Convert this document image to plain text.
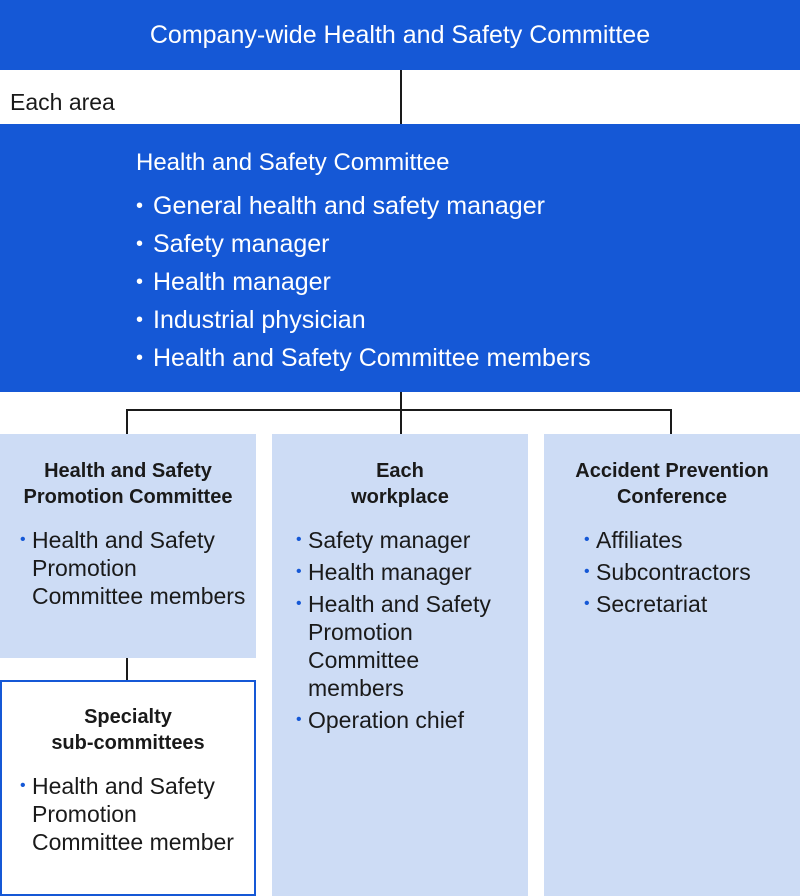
Company-wide Health and Safety Committee
Each area
Health and Safety Committee
• General health and safety manager
• Safety manager
• Health manager
• Industrial physician
• Health and Safety Committee members
Health and Safety
Promotion Committee
• Health and Safety Promotion Committee members
Specialty
sub-committees
• Health and Safety Promotion Committee member
Each
workplace
• Safety manager
• Health manager
• Health and Safety Promotion Committee members
• Operation chief
Accident Prevention
Conference
• Affiliates
• Subcontractors
• Secretariat
